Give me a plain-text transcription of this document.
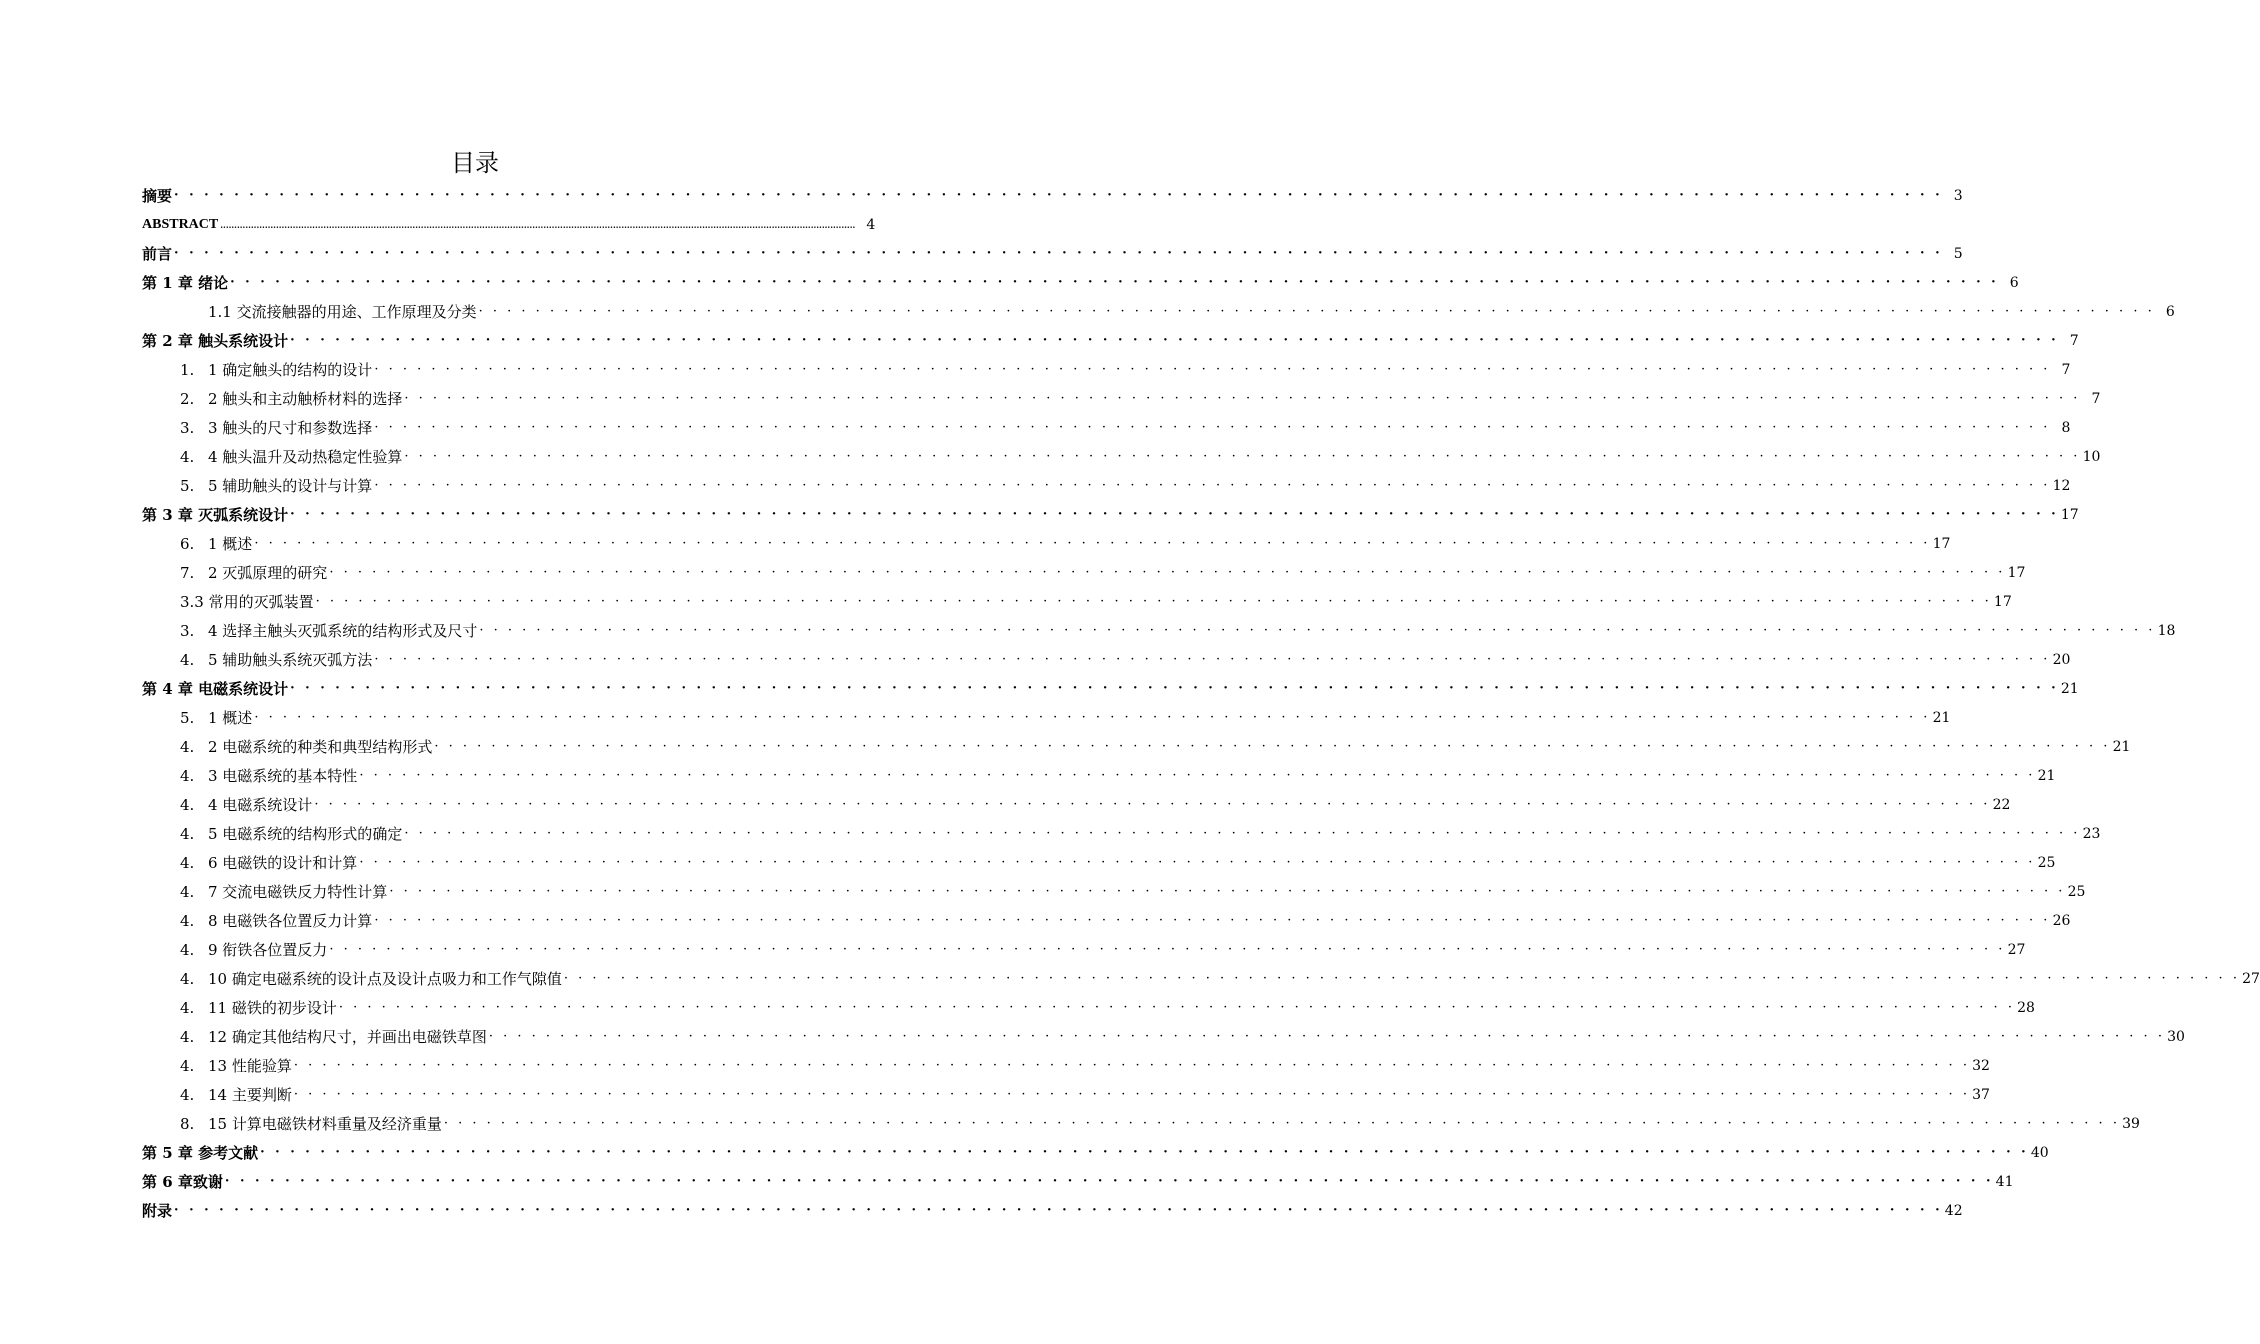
目录
摘要 · · · · · · · · · · · · · · · · · · · · · · · · · · · · · · · · · · · · · · · · · · · · · · · · · · · · · · · · · · · · · · · · · · · · · · · · · · · · · · · · · · · · · · · · · · · · · · · · · · · · · · · · · · · · · · · · · · · · · · 3
ABSTRACT .................................................................................................................................................................................................................................... 4
前言 · · · · · · · · · · · · · · · · · · · · · · · · · · · · · · · · · · · · · · · · · · · · · · · · · · · · · · · · · · · · · · · · · · · · · · · · · · · · · · · · · · · · · · · · · · · · · · · · · · · · · · · · · · · · · · · · · · · · · · 5
第 1 章 绪论 · · · · · · · · · · · · · · · · · · · · · · · · · · · · · · · · · · · · · · · · · · · · · · · · · · · · · · · · · · · · · · · · · · · · · · · · · · · · · · · · · · · · · · · · · · · · · · · · · · · · · · · · · · · · · · · · · · · · · · 6
1.1 交流接触器的用途、工作原理及分类 · · · · · · · · · · · · · · · · · · · · · · · · · · · · · · · · · · · · · · · · · · · · · · · · · · · · · · · · · · · · · · · · · · · · · · · · · · · · · · · · · · · · · · · · · · · · · · · · · · · · · · · · · · · · · · · · · · · · · · 6
第 2 章 触头系统设计 · · · · · · · · · · · · · · · · · · · · · · · · · · · · · · · · · · · · · · · · · · · · · · · · · · · · · · · · · · · · · · · · · · · · · · · · · · · · · · · · · · · · · · · · · · · · · · · · · · · · · · · · · · · · · · · · · · · · · · 7
1. 1 确定触头的结构的设计 · · · · · · · · · · · · · · · · · · · · · · · · · · · · · · · · · · · · · · · · · · · · · · · · · · · · · · · · · · · · · · · · · · · · · · · · · · · · · · · · · · · · · · · · · · · · · · · · · · · · · · · · · · · · · · · · · · · · · · 7
2. 2 触头和主动触桥材料的选择 · · · · · · · · · · · · · · · · · · · · · · · · · · · · · · · · · · · · · · · · · · · · · · · · · · · · · · · · · · · · · · · · · · · · · · · · · · · · · · · · · · · · · · · · · · · · · · · · · · · · · · · · · · · · · · · · · · · · · · 7
3. 3 触头的尺寸和参数选择 · · · · · · · · · · · · · · · · · · · · · · · · · · · · · · · · · · · · · · · · · · · · · · · · · · · · · · · · · · · · · · · · · · · · · · · · · · · · · · · · · · · · · · · · · · · · · · · · · · · · · · · · · · · · · · · · · · · · · · 8
4. 4 触头温升及动热稳定性验算 · · · · · · · · · · · · · · · · · · · · · · · · · · · · · · · · · · · · · · · · · · · · · · · · · · · · · · · · · · · · · · · · · · · · · · · · · · · · · · · · · · · · · · · · · · · · · · · · · · · · · · · · · · · · · · · · · · · · · · 10
5. 5 辅助触头的设计与计算 · · · · · · · · · · · · · · · · · · · · · · · · · · · · · · · · · · · · · · · · · · · · · · · · · · · · · · · · · · · · · · · · · · · · · · · · · · · · · · · · · · · · · · · · · · · · · · · · · · · · · · · · · · · · · · · · · · · · · · 12
第 3 章 灭弧系统设计 · · · · · · · · · · · · · · · · · · · · · · · · · · · · · · · · · · · · · · · · · · · · · · · · · · · · · · · · · · · · · · · · · · · · · · · · · · · · · · · · · · · · · · · · · · · · · · · · · · · · · · · · · · · · · · · · · · · · · · 17
6. 1 概述 · · · · · · · · · · · · · · · · · · · · · · · · · · · · · · · · · · · · · · · · · · · · · · · · · · · · · · · · · · · · · · · · · · · · · · · · · · · · · · · · · · · · · · · · · · · · · · · · · · · · · · · · · · · · · · · · · · · · · · 17
7. 2 灭弧原理的研究 · · · · · · · · · · · · · · · · · · · · · · · · · · · · · · · · · · · · · · · · · · · · · · · · · · · · · · · · · · · · · · · · · · · · · · · · · · · · · · · · · · · · · · · · · · · · · · · · · · · · · · · · · · · · · · · · · · · · · · 17
3.3 常用的灭弧装置 · · · · · · · · · · · · · · · · · · · · · · · · · · · · · · · · · · · · · · · · · · · · · · · · · · · · · · · · · · · · · · · · · · · · · · · · · · · · · · · · · · · · · · · · · · · · · · · · · · · · · · · · · · · · · · · · · · · · · · 17
3. 4 选择主触头灭弧系统的结构形式及尺寸 · · · · · · · · · · · · · · · · · · · · · · · · · · · · · · · · · · · · · · · · · · · · · · · · · · · · · · · · · · · · · · · · · · · · · · · · · · · · · · · · · · · · · · · · · · · · · · · · · · · · · · · · · · · · · · · · · · · · · · 18
4. 5 辅助触头系统灭弧方法 · · · · · · · · · · · · · · · · · · · · · · · · · · · · · · · · · · · · · · · · · · · · · · · · · · · · · · · · · · · · · · · · · · · · · · · · · · · · · · · · · · · · · · · · · · · · · · · · · · · · · · · · · · · · · · · · · · · · · · 20
第 4 章 电磁系统设计 · · · · · · · · · · · · · · · · · · · · · · · · · · · · · · · · · · · · · · · · · · · · · · · · · · · · · · · · · · · · · · · · · · · · · · · · · · · · · · · · · · · · · · · · · · · · · · · · · · · · · · · · · · · · · · · · · · · · · · 21
5. 1 概述 · · · · · · · · · · · · · · · · · · · · · · · · · · · · · · · · · · · · · · · · · · · · · · · · · · · · · · · · · · · · · · · · · · · · · · · · · · · · · · · · · · · · · · · · · · · · · · · · · · · · · · · · · · · · · · · · · · · · · · 21
4. 2 电磁系统的种类和典型结构形式 · · · · · · · · · · · · · · · · · · · · · · · · · · · · · · · · · · · · · · · · · · · · · · · · · · · · · · · · · · · · · · · · · · · · · · · · · · · · · · · · · · · · · · · · · · · · · · · · · · · · · · · · · · · · · · · · · · · · · · 21
4. 3 电磁系统的基本特性 · · · · · · · · · · · · · · · · · · · · · · · · · · · · · · · · · · · · · · · · · · · · · · · · · · · · · · · · · · · · · · · · · · · · · · · · · · · · · · · · · · · · · · · · · · · · · · · · · · · · · · · · · · · · · · · · · · · · · · 21
4. 4 电磁系统设计 · · · · · · · · · · · · · · · · · · · · · · · · · · · · · · · · · · · · · · · · · · · · · · · · · · · · · · · · · · · · · · · · · · · · · · · · · · · · · · · · · · · · · · · · · · · · · · · · · · · · · · · · · · · · · · · · · · · · · · 22
4. 5 电磁系统的结构形式的确定 · · · · · · · · · · · · · · · · · · · · · · · · · · · · · · · · · · · · · · · · · · · · · · · · · · · · · · · · · · · · · · · · · · · · · · · · · · · · · · · · · · · · · · · · · · · · · · · · · · · · · · · · · · · · · · · · · · · · · · 23
4. 6 电磁铁的设计和计算 · · · · · · · · · · · · · · · · · · · · · · · · · · · · · · · · · · · · · · · · · · · · · · · · · · · · · · · · · · · · · · · · · · · · · · · · · · · · · · · · · · · · · · · · · · · · · · · · · · · · · · · · · · · · · · · · · · · · · · 25
4. 7 交流电磁铁反力特性计算 · · · · · · · · · · · · · · · · · · · · · · · · · · · · · · · · · · · · · · · · · · · · · · · · · · · · · · · · · · · · · · · · · · · · · · · · · · · · · · · · · · · · · · · · · · · · · · · · · · · · · · · · · · · · · · · · · · · · · · 25
4. 8 电磁铁各位置反力计算 · · · · · · · · · · · · · · · · · · · · · · · · · · · · · · · · · · · · · · · · · · · · · · · · · · · · · · · · · · · · · · · · · · · · · · · · · · · · · · · · · · · · · · · · · · · · · · · · · · · · · · · · · · · · · · · · · · · · · · 26
4. 9 衔铁各位置反力 · · · · · · · · · · · · · · · · · · · · · · · · · · · · · · · · · · · · · · · · · · · · · · · · · · · · · · · · · · · · · · · · · · · · · · · · · · · · · · · · · · · · · · · · · · · · · · · · · · · · · · · · · · · · · · · · · · · · · · 27
4. 10 确定电磁系统的设计点及设计点吸力和工作气隙值 · · · · · · · · · · · · · · · · · · · · · · · · · · · · · · · · · · · · · · · · · · · · · · · · · · · · · · · · · · · · · · · · · · · · · · · · · · · · · · · · · · · · · · · · · · · · · · · · · · · · · · · · · · · · · · · · · · · · · · 27
4. 11 磁铁的初步设计 · · · · · · · · · · · · · · · · · · · · · · · · · · · · · · · · · · · · · · · · · · · · · · · · · · · · · · · · · · · · · · · · · · · · · · · · · · · · · · · · · · · · · · · · · · · · · · · · · · · · · · · · · · · · · · · · · · · · · · 28
4. 12 确定其他结构尺寸，并画出电磁铁草图 · · · · · · · · · · · · · · · · · · · · · · · · · · · · · · · · · · · · · · · · · · · · · · · · · · · · · · · · · · · · · · · · · · · · · · · · · · · · · · · · · · · · · · · · · · · · · · · · · · · · · · · · · · · · · · · · · · · · · · 30
4. 13 性能验算 · · · · · · · · · · · · · · · · · · · · · · · · · · · · · · · · · · · · · · · · · · · · · · · · · · · · · · · · · · · · · · · · · · · · · · · · · · · · · · · · · · · · · · · · · · · · · · · · · · · · · · · · · · · · · · · · · · · · · · 32
4. 14 主要判断 · · · · · · · · · · · · · · · · · · · · · · · · · · · · · · · · · · · · · · · · · · · · · · · · · · · · · · · · · · · · · · · · · · · · · · · · · · · · · · · · · · · · · · · · · · · · · · · · · · · · · · · · · · · · · · · · · · · · · · 37
8. 15 计算电磁铁材料重量及经济重量 · · · · · · · · · · · · · · · · · · · · · · · · · · · · · · · · · · · · · · · · · · · · · · · · · · · · · · · · · · · · · · · · · · · · · · · · · · · · · · · · · · · · · · · · · · · · · · · · · · · · · · · · · · · · · · · · · · · · · · 39
第 5 章 参考文献 · · · · · · · · · · · · · · · · · · · · · · · · · · · · · · · · · · · · · · · · · · · · · · · · · · · · · · · · · · · · · · · · · · · · · · · · · · · · · · · · · · · · · · · · · · · · · · · · · · · · · · · · · · · · · · · · · · · · · · 40
第 6 章致谢 · · · · · · · · · · · · · · · · · · · · · · · · · · · · · · · · · · · · · · · · · · · · · · · · · · · · · · · · · · · · · · · · · · · · · · · · · · · · · · · · · · · · · · · · · · · · · · · · · · · · · · · · · · · · · · · · · · · · · · 41
附录 · · · · · · · · · · · · · · · · · · · · · · · · · · · · · · · · · · · · · · · · · · · · · · · · · · · · · · · · · · · · · · · · · · · · · · · · · · · · · · · · · · · · · · · · · · · · · · · · · · · · · · · · · · · · · · · · · · · · · · 42
